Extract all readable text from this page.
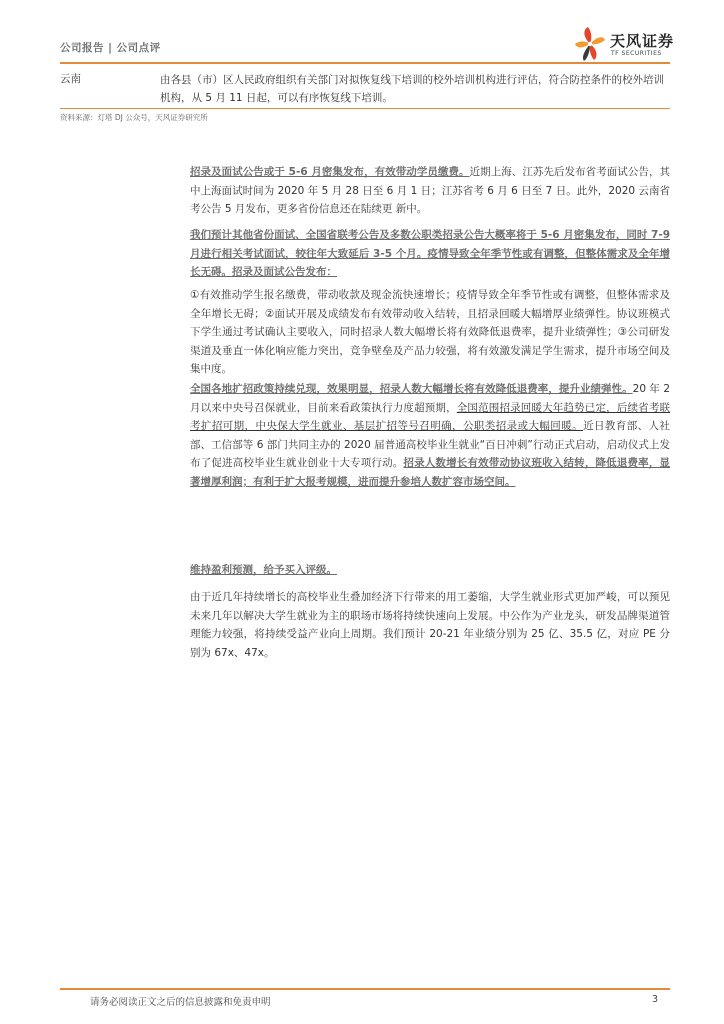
公司报告 | 公司点评	天风证券
TF SECURITIES
云南	由各县（市）区人民政府组织有关部门对拟恢复线下培训的校外培训机构进行评估，符合防控条件的校外培训
机构，从 5 月 11 日起，可以有序恢复线下培训。
资料来源：灯塔 DJ 公众号，天风证券研究所

招录及面试公告或于 5-6 月密集发布，有效带动学员缴费。近期上海、江苏先后发布省考面试公告，其中上海面试时间为 2020 年 5 月 28 日至 6 月 1 日；江苏省考 6 月 6 日至 7 日。此外，2020 云南省考公告 5 月发布，更多省份信息还在陆续更 新中。

我们预计其他省份面试、全国省联考公告及多数公职类招录公告大概率将于 5-6 月密集发布，同时 7-9 月进行相关考试面试，较往年大致延后 3-5 个月。疫情导致全年季节性或有调整，但整体需求及全年增长无碍。招录及面试公告发布：

①有效推动学生报名缴费，带动收款及现金流快速增长；疫情导致全年季节性或有调整，但整体需求及全年增长无碍；②面试开展及成绩发布有效带动收入结转，且招录回暖大幅增厚业绩弹性。协议班模式下学生通过考试确认主要收入，同时招录人数大幅增长将有效降低退费率，提升业绩弹性；③公司研发渠道及垂直一体化响应能力突出，竞争壁垒及产品力较强，将有效激发满足学生需求，提升市场空间及集中度。

全国各地扩招政策持续兑现，效果明显，招录人数大幅增长将有效降低退费率，提升业绩弹性。20 年 2 月以来中央号召保就业，目前来看政策执行力度超预期，全国范围招录回暖大年趋势已定，后续省考联考扩招可期，中央保大学生就业、基层扩招等号召明确，公职类招录或大幅回暖。近日教育部、人社部、工信部等 6 部门共同主办的 2020 届普通高校毕业生就业“百日冲刺”行动正式启动，启动仪式上发布了促进高校毕业生就业创业十大专项行动。招录人数增长有效带动协议班收入结转，降低退费率，显著增厚利润；有利于扩大报考规模，进而提升参培人数扩容市场空间。

维持盈利预测，给予买入评级。

由于近几年持续增长的高校毕业生叠加经济下行带来的用工萎缩，大学生就业形式更加严峻，可以预见未来几年以解决大学生就业为主的职场市场将持续快速向上发展。中公作为产业龙头，研发品牌渠道管理能力较强，将持续受益产业向上周期。我们预计 20-21 年业绩分别为 25 亿、35.5 亿，对应 PE 分别为 67x、47x。

请务必阅读正文之后的信息披露和免责申明	3
